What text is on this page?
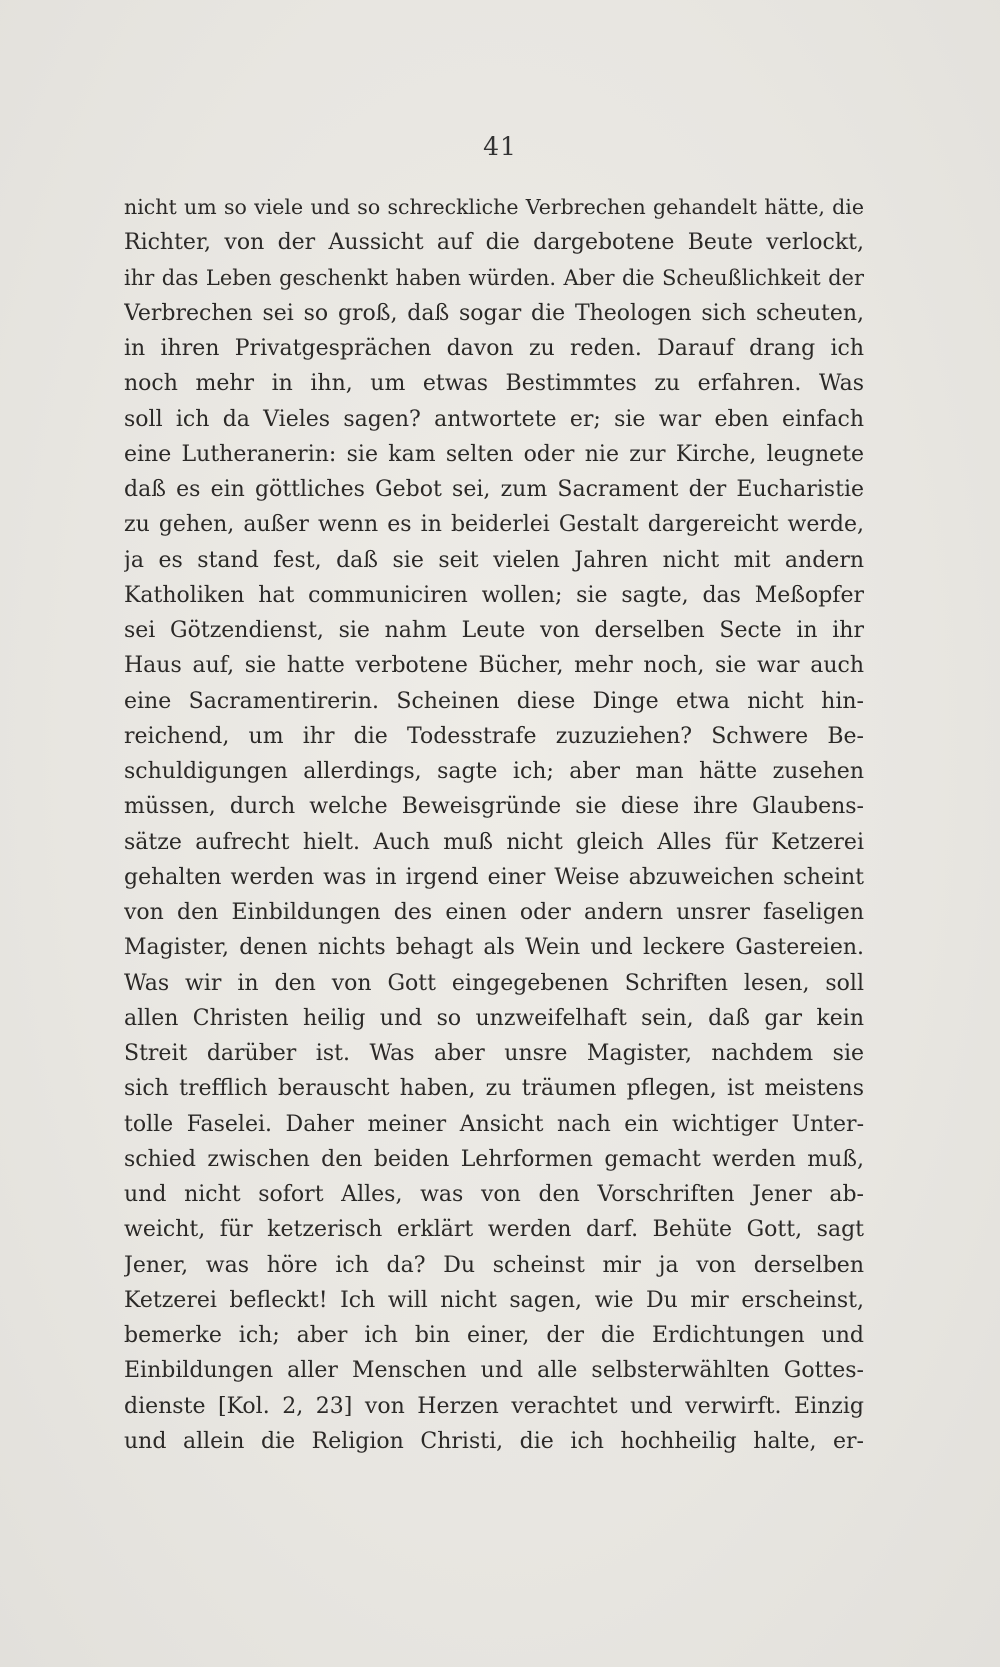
41
nicht um so viele und so schreckliche Verbrechen gehandelt hätte, die
Richter, von der Aussicht auf die dargebotene Beute verlockt,
ihr das Leben geschenkt haben würden. Aber die Scheußlichkeit der
Verbrechen sei so groß, daß sogar die Theologen sich scheuten,
in ihren Privatgesprächen davon zu reden. Darauf drang ich
noch mehr in ihn, um etwas Bestimmtes zu erfahren. Was
soll ich da Vieles sagen? antwortete er; sie war eben einfach
eine Lutheranerin: sie kam selten oder nie zur Kirche, leugnete
daß es ein göttliches Gebot sei, zum Sacrament der Eucharistie
zu gehen, außer wenn es in beiderlei Gestalt dargereicht werde,
ja es stand fest, daß sie seit vielen Jahren nicht mit andern
Katholiken hat communiciren wollen; sie sagte, das Meßopfer
sei Götzendienst, sie nahm Leute von derselben Secte in ihr
Haus auf, sie hatte verbotene Bücher, mehr noch, sie war auch
eine Sacramentirerin. Scheinen diese Dinge etwa nicht hin-
reichend, um ihr die Todesstrafe zuzuziehen? Schwere Be-
schuldigungen allerdings, sagte ich; aber man hätte zusehen
müssen, durch welche Beweisgründe sie diese ihre Glaubens-
sätze aufrecht hielt. Auch muß nicht gleich Alles für Ketzerei
gehalten werden was in irgend einer Weise abzuweichen scheint
von den Einbildungen des einen oder andern unsrer faseligen
Magister, denen nichts behagt als Wein und leckere Gastereien.
Was wir in den von Gott eingegebenen Schriften lesen, soll
allen Christen heilig und so unzweifelhaft sein, daß gar kein
Streit darüber ist. Was aber unsre Magister, nachdem sie
sich trefflich berauscht haben, zu träumen pflegen, ist meistens
tolle Faselei. Daher meiner Ansicht nach ein wichtiger Unter-
schied zwischen den beiden Lehrformen gemacht werden muß,
und nicht sofort Alles, was von den Vorschriften Jener ab-
weicht, für ketzerisch erklärt werden darf. Behüte Gott, sagt
Jener, was höre ich da? Du scheinst mir ja von derselben
Ketzerei befleckt! Ich will nicht sagen, wie Du mir erscheinst,
bemerke ich; aber ich bin einer, der die Erdichtungen und
Einbildungen aller Menschen und alle selbsterwählten Gottes-
dienste [Kol. 2, 23] von Herzen verachtet und verwirft. Einzig
und allein die Religion Christi, die ich hochheilig halte, er-
